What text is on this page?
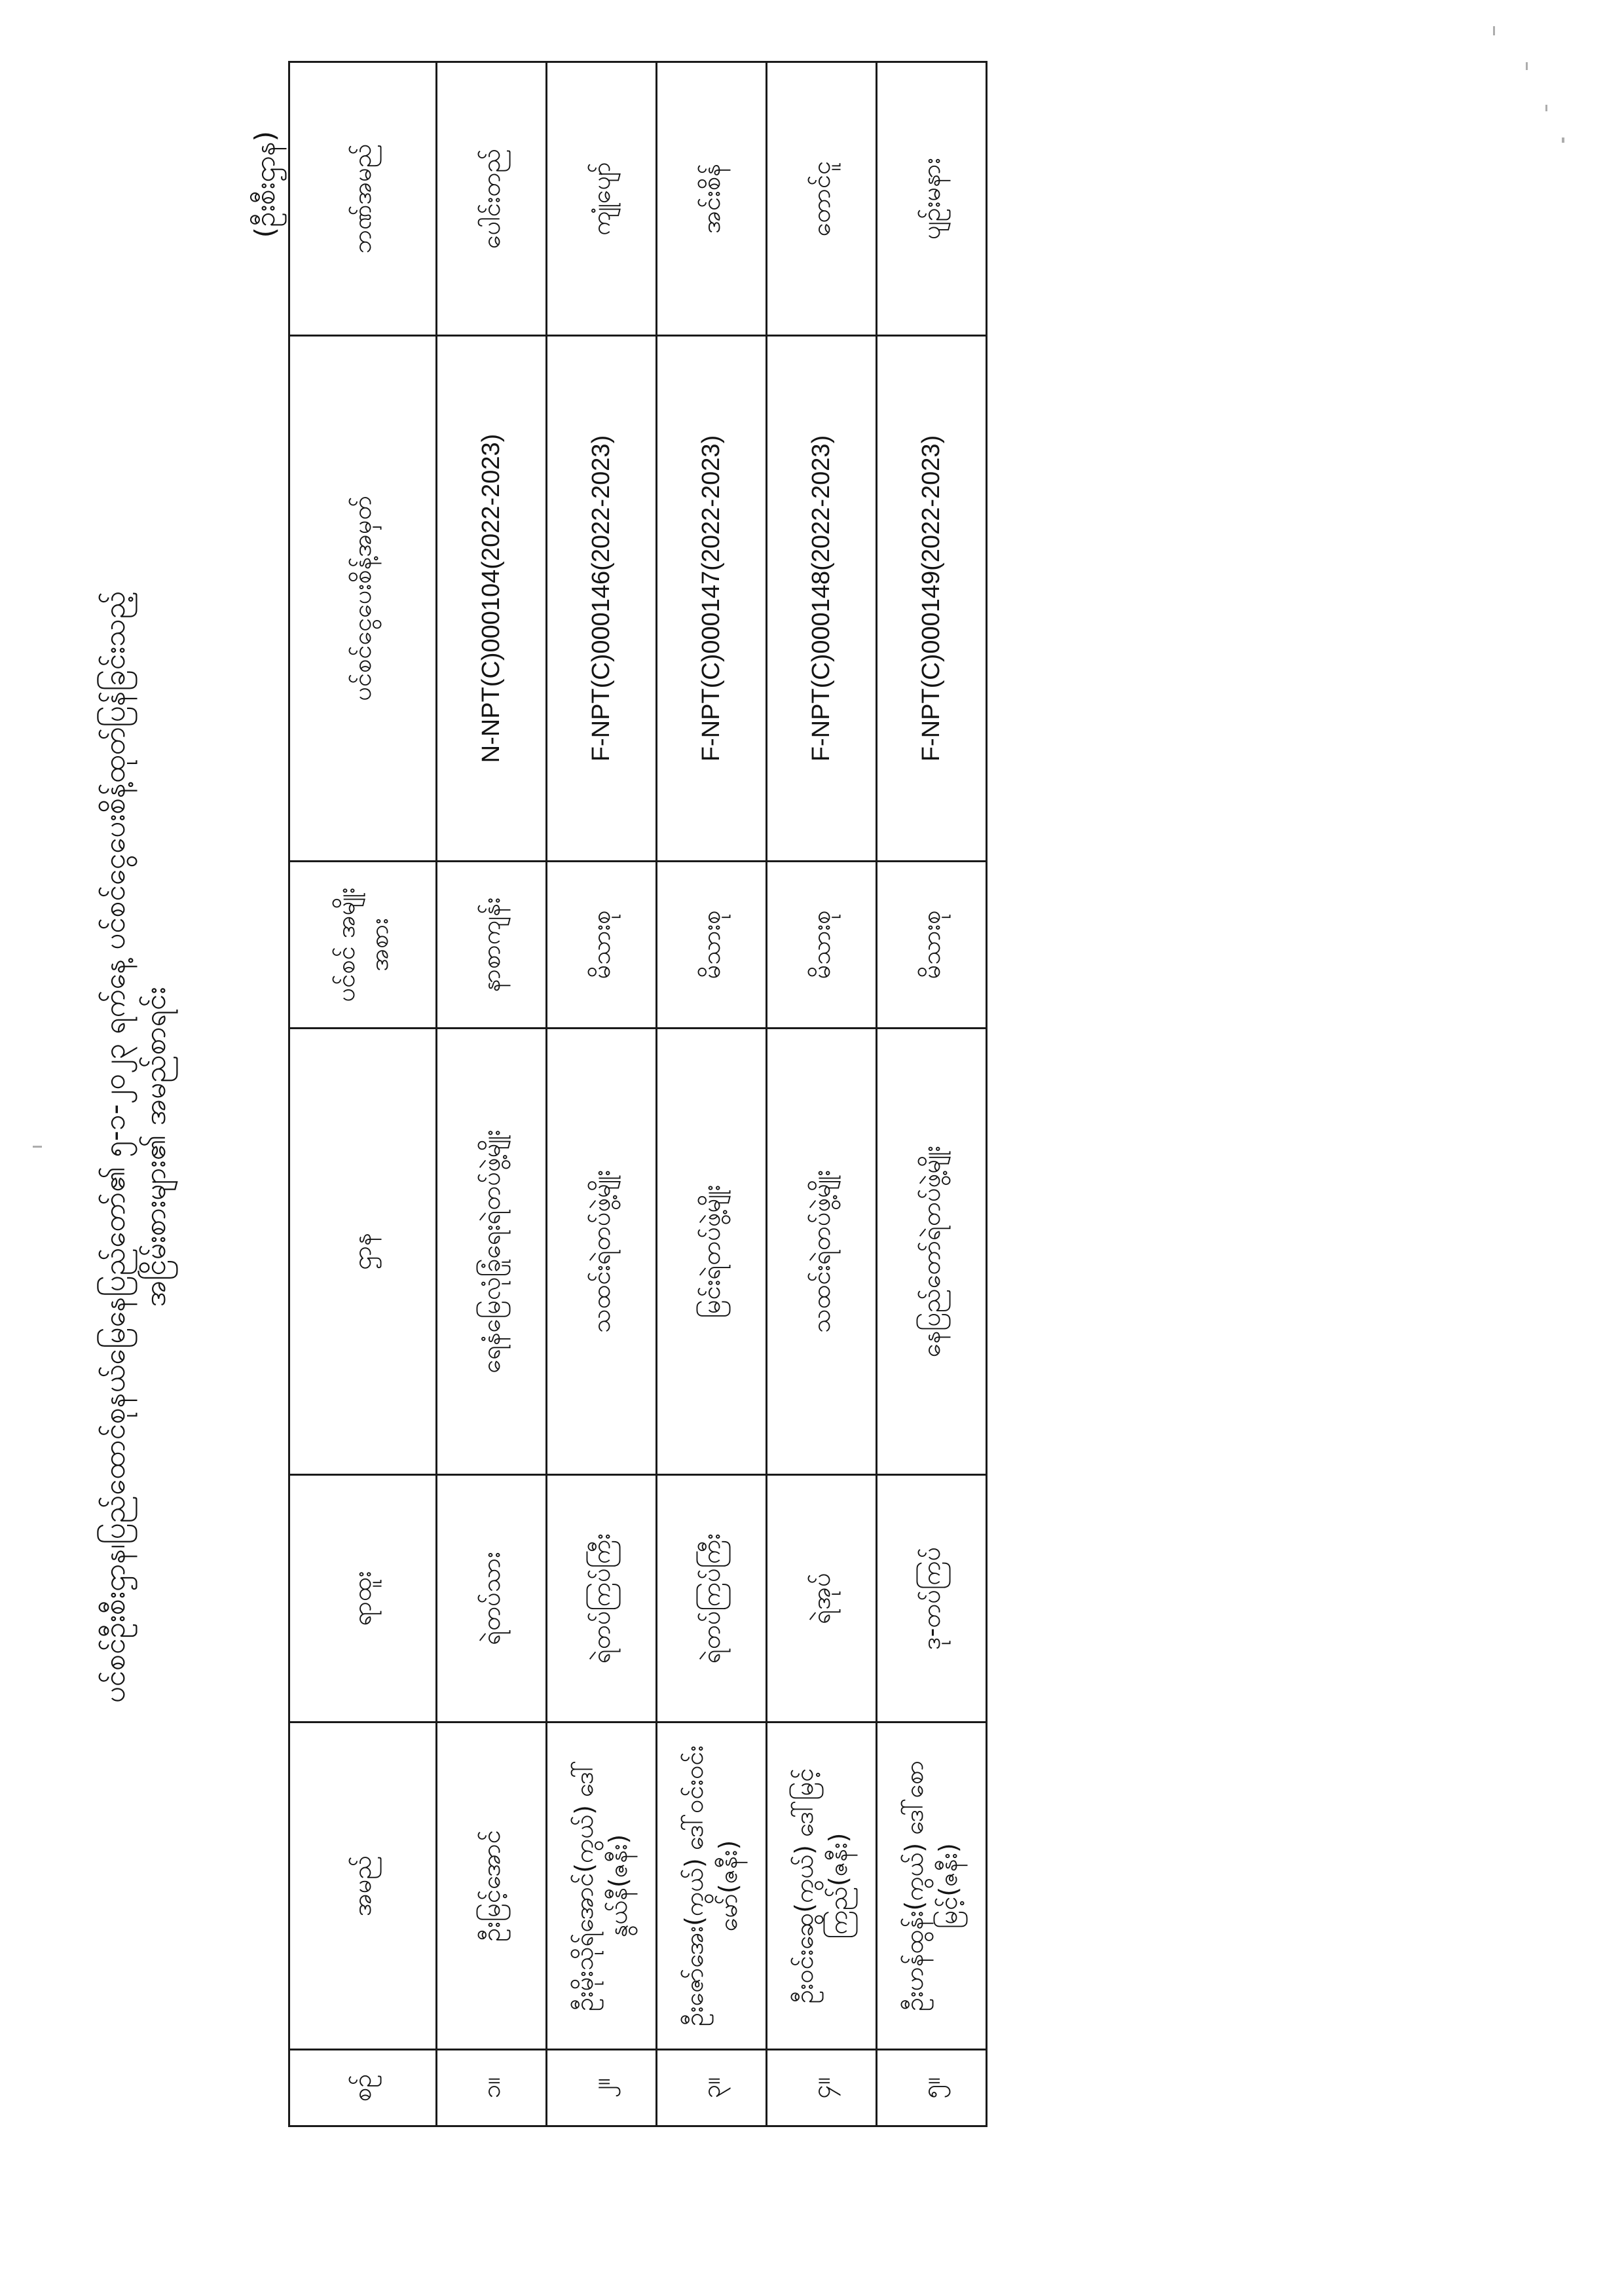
ပင်စင်ဦးစီးဌာန၊ပြည်ထောင်စုနယ်မြေနေပြည်တော်၏ ၅-၁-၂၀၂၃ ရက်နေ့ ပင်စင်ငွေပေးစိန့်ထုတ်ပြန်ခြင်းသည့် အငြိမ်းစားများ၏ အမည်စာရင်း
(ဦးစီးဌာန)
စဉ်	အမည်	ရာထူး	ဌာန	ပင်စင် အမျိုးအစား	ပင်စင်ငွေပေးစိန့်အမှတ်	ဘဏ်အမည်
၁။	ဦးမြင့်အောင်	ရဲတပ်သား	ရေနံမြေလုံခြုံရေးရဲတပ်ဖွဲ့မျိုး	နာစာကျန်း	N-NPT(C)000104(2022-2023)	ပေါင်းတည်
၂။	ဦးမိုးသိုရ်အောင်(ကွယ်) ဒေါ်နွယ်နီ(ဇနီး)	ရဲတပ်ကြပ်ကြီး	သထင်းရဲတပ်ဖွဲ့မျိုး	မိသားစု	F-NPT(C)000146(2022-2023)	ကျုံပျော်
၃။	ဦးဇော်အေး(ကွယ်) ဒေါ်ဝင်းဝင်းမော်(ဇနီး)	ရဲတပ်ကြပ်ကြီး	မြင်းရဲတပ်ဖွဲ့မျိုး	မိသားစု	F-NPT(C)000147(2022-2023)	အင်းစိန်
၄။	ဦးဝင်းဆွေ(ကွယ်) ဒေါ်မြင့်ကြည်(ဇနီး)	ရဲအုပ်	သထင်းရဲတပ်ဖွဲ့မျိုး	မိသားစု	F-NPT(C)000148(2022-2023)	တောင်ငူ
၅။	ဦးဟန်ထွန်း(ကွယ်) ဒေါ်စောမြင့်(ဇနီး)	ဒု-တပ်ကြပ်	နေပြည်တော်ရဲတပ်ဖွဲ့မျိုး	မိသားစု	F-NPT(C)000149(2022-2023)	ပျဉ်းမနား
